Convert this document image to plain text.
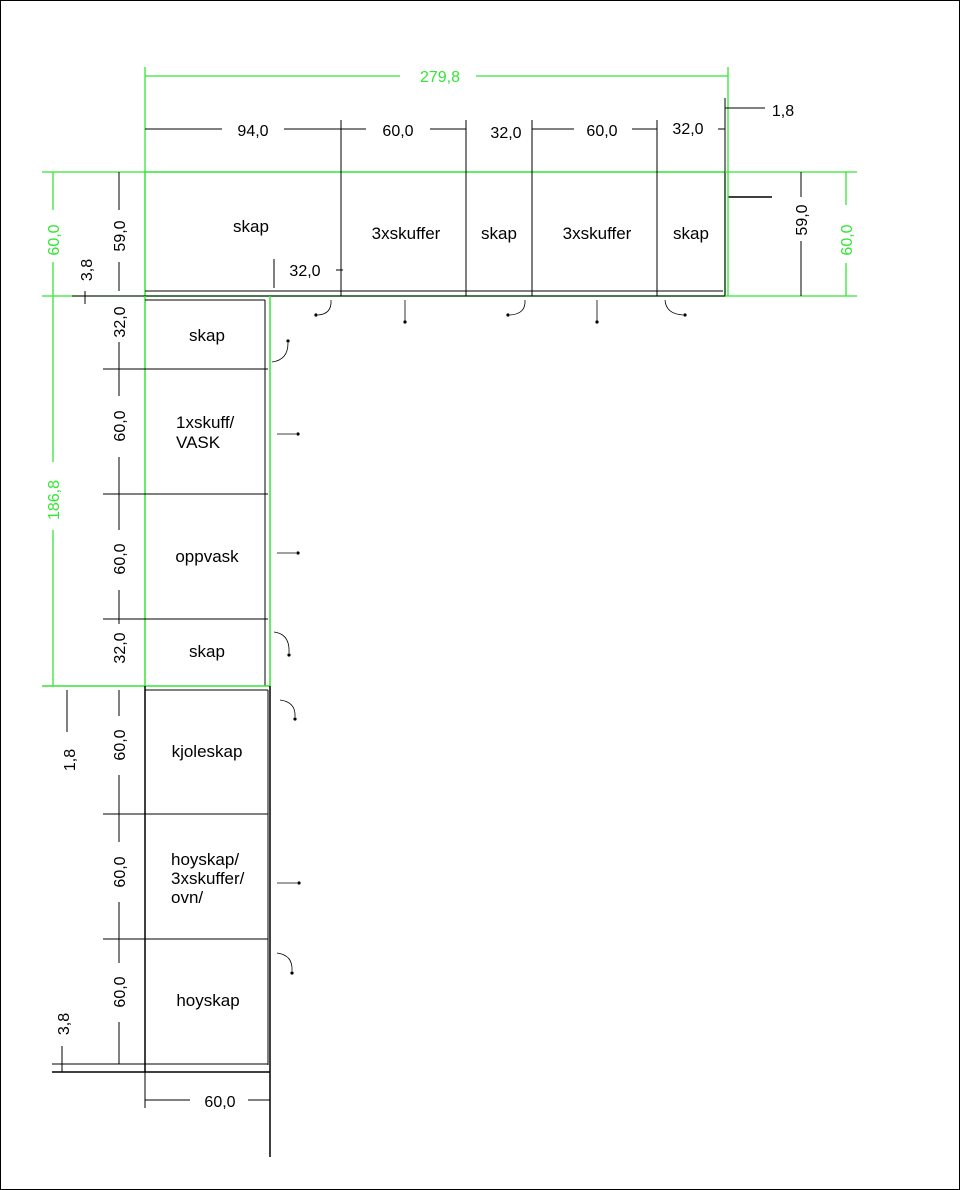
skap	3xskuffer skap	3xskuffer skap
32,0
279,8
94,0	60,0	32,0	60,0	32,0
1,8
60,0	59,0
3,8
60,0
59,0
skap
1xskuff/ VASK
oppvask
skap
186,8
32,0
60,0
60,0
32,0
kjoleskap
hoyskap/ 3xskuffer/ ovn/
hoyskap
1,8 60,0
60,0
60,0
3,8
60,0
